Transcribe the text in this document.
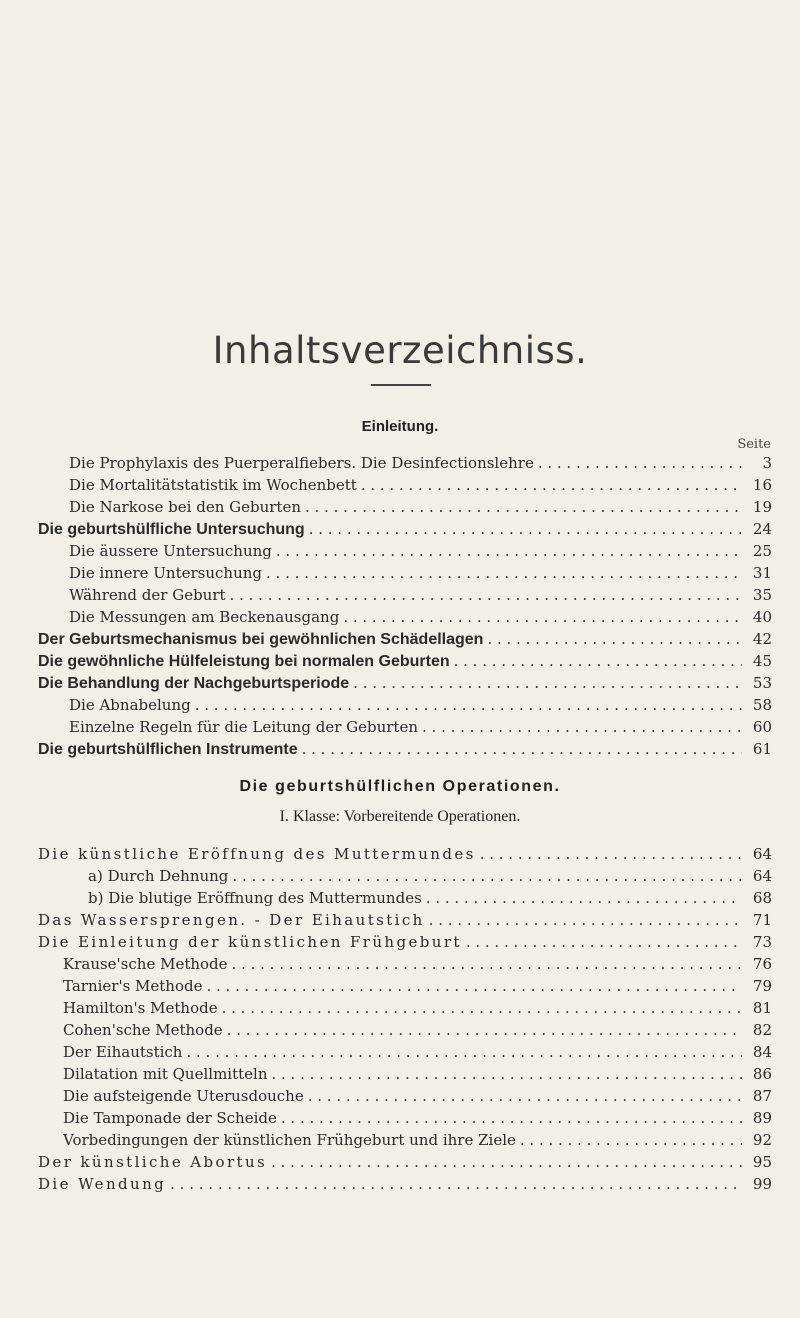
Inhaltsverzeichniss.
Einleitung.
Seite
Die Prophylaxis des Puerperalfiebers. Die Desinfectionslehre . . .	3
Die Mortalitätstatistik im Wochenbett . . .	16
Die Narkose bei den Geburten . . .	19
Die geburtshülfliche Untersuchung . . .	24
Die äussere Untersuchung . . .	25
Die innere Untersuchung . . .	31
Während der Geburt . . .	35
Die Messungen am Beckenausgang . . .	40
Der Geburtsmechanismus bei gewöhnlichen Schädellagen . . .	42
Die gewöhnliche Hülfeleistung bei normalen Geburten . . .	45
Die Behandlung der Nachgeburtsperiode . . .	53
Die Abnabelung . . .	58
Einzelne Regeln für die Leitung der Geburten . . .	60
Die geburtshülflichen Instrumente . . .	61
Die geburtshülflichen Operationen.
I. Klasse: Vorbereitende Operationen.
Die künstliche Eröffnung des Muttermundes . . .	64
a) Durch Dehnung . . .	64
b) Die blutige Eröffnung des Muttermundes . . .	68
Das Wassersprengen. - Der Eihautstich . . .	71
Die Einleitung der künstlichen Frühgeburt . . .	73
Krause'sche Methode . . .	76
Tarnier's Methode . . .	79
Hamilton's Methode . . .	81
Cohen'sche Methode . . .	82
Der Eihautstich . . .	84
Dilatation mit Quellmitteln . . .	86
Die aufsteigende Uterusdouche . . .	87
Die Tamponade der Scheide . . .	89
Vorbedingungen der künstlichen Frühgeburt und ihre Ziele . . .	92
Der künstliche Abortus . . .	95
Die Wendung . . .	99
